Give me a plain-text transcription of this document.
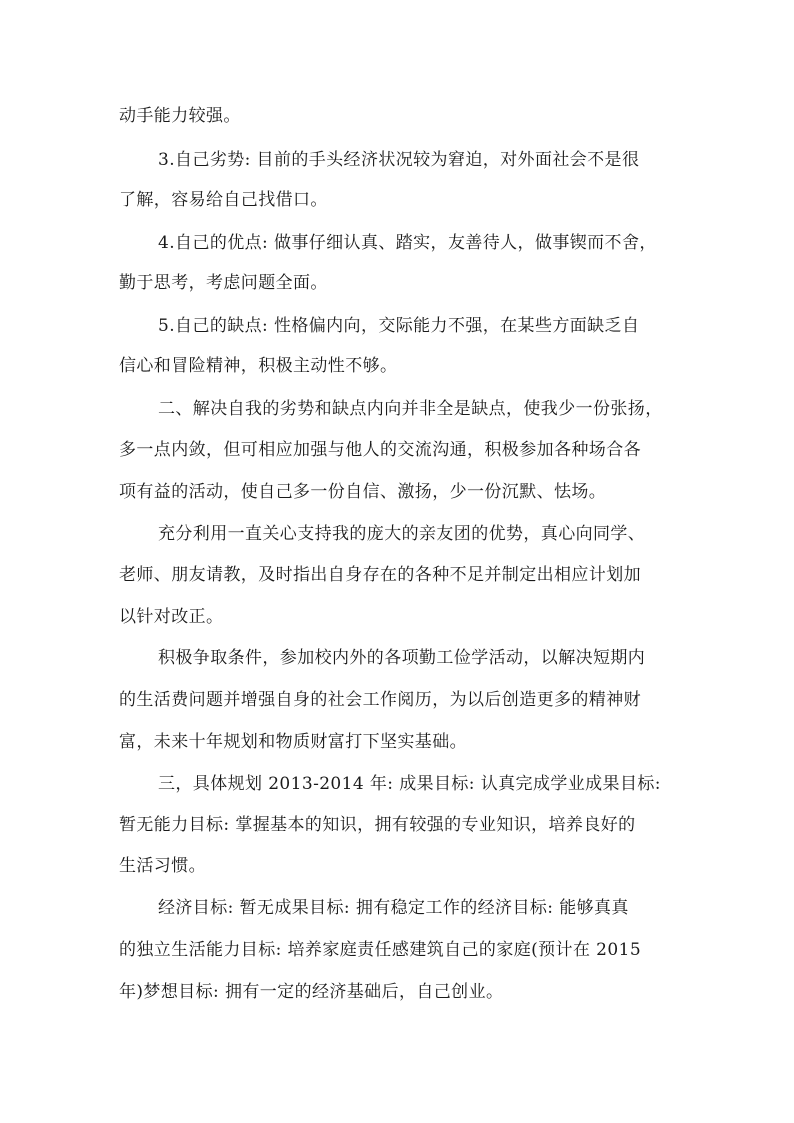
动手能力较强。
3.自己劣势: 目前的手头经济状况较为窘迫，对外面社会不是很
了解，容易给自己找借口。
4.自己的优点: 做事仔细认真、踏实，友善待人，做事锲而不舍，
勤于思考，考虑问题全面。
5.自己的缺点: 性格偏内向，交际能力不强，在某些方面缺乏自
信心和冒险精神，积极主动性不够。
二、解决自我的劣势和缺点内向并非全是缺点，使我少一份张扬，
多一点内敛，但可相应加强与他人的交流沟通，积极参加各种场合各
项有益的活动，使自己多一份自信、激扬，少一份沉默、怯场。
充分利用一直关心支持我的庞大的亲友团的优势，真心向同学、
老师、朋友请教，及时指出自身存在的各种不足并制定出相应计划加
以针对改正。
积极争取条件，参加校内外的各项勤工俭学活动，以解决短期内
的生活费问题并增强自身的社会工作阅历，为以后创造更多的精神财
富，未来十年规划和物质财富打下坚实基础。
三，具体规划 2013-2014 年: 成果目标: 认真完成学业成果目标:
暂无能力目标: 掌握基本的知识，拥有较强的专业知识，培养良好的
生活习惯。
经济目标: 暂无成果目标: 拥有稳定工作的经济目标: 能够真真
的独立生活能力目标: 培养家庭责任感建筑自己的家庭(预计在 2015
年)梦想目标: 拥有一定的经济基础后，自己创业。
